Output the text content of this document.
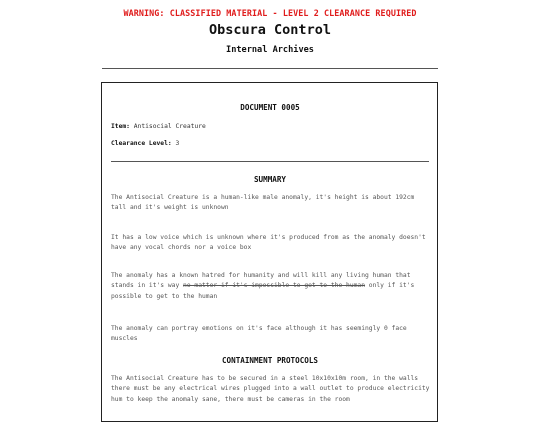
WARNING: CLASSIFIED MATERIAL - LEVEL 2 CLEARANCE REQUIRED
Obscura Control
Internal Archives
DOCUMENT 0005
Item: Antisocial Creature
Clearance Level: 3
SUMMARY
The Antisocial Creature is a human-like male anomaly, it's height is about 192cm tall and it's weight is unknown
It has a low voice which is unknown where it's produced from as the anomaly doesn't have any vocal chords nor a voice box
The anomaly has a known hatred for humanity and will kill any living human that stands in it's way no matter if it's impossible to get to the human only if it's possible to get to the human
The anomaly can portray emotions on it's face although it has seemingly 0 face muscles
CONTAINMENT PROTOCOLS
The Antisocial Creature has to be secured in a steel 10x10x10m room, in the walls there must be any electrical wires plugged into a wall outlet to produce electricity hum to keep the anomaly sane, there must be cameras in the room
